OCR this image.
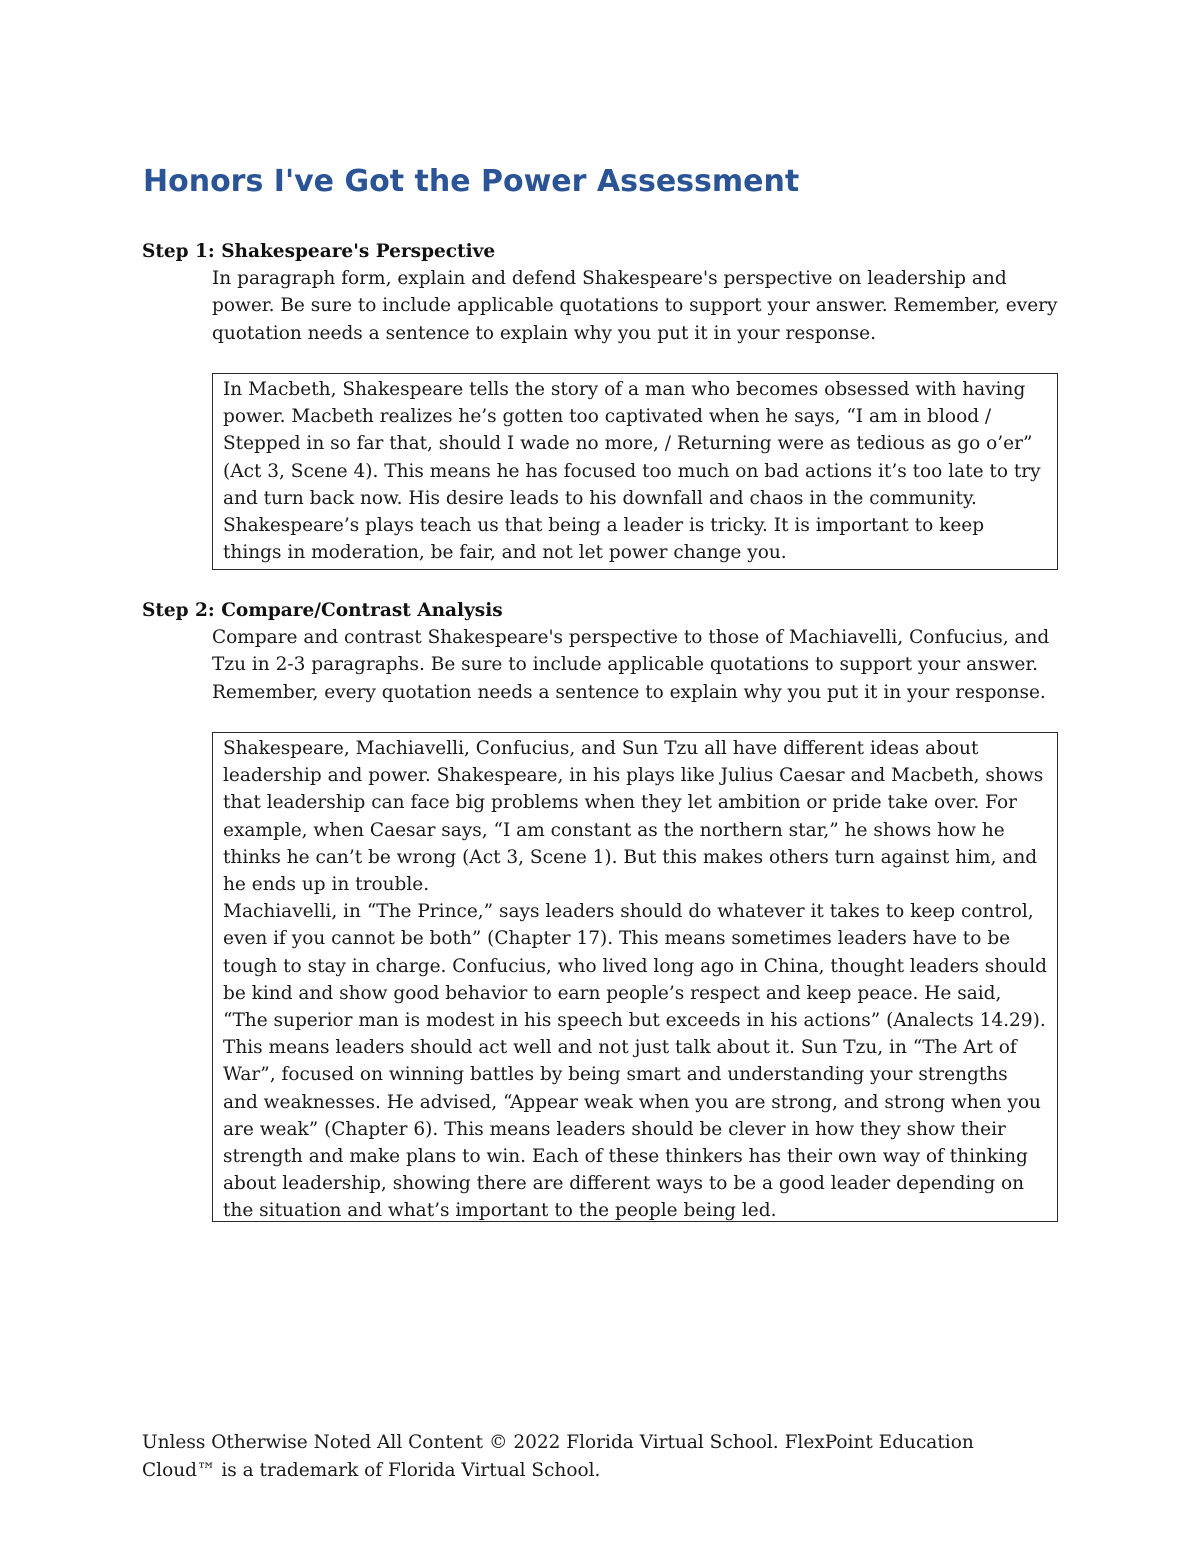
Honors I've Got the Power Assessment
Step 1: Shakespeare's Perspective

In paragraph form, explain and defend Shakespeare's perspective on leadership and power. Be sure to include applicable quotations to support your answer. Remember, every quotation needs a sentence to explain why you put it in your response.

In Macbeth, Shakespeare tells the story of a man who becomes obsessed with having power. Macbeth realizes he’s gotten too captivated when he says, “I am in blood / Stepped in so far that, should I wade no more, / Returning were as tedious as go o’er” (Act 3, Scene 4). This means he has focused too much on bad actions it’s too late to try and turn back now. His desire leads to his downfall and chaos in the community. Shakespeare’s plays teach us that being a leader is tricky. It is important to keep things in moderation, be fair, and not let power change you.

Step 2: Compare/Contrast Analysis

Compare and contrast Shakespeare's perspective to those of Machiavelli, Confucius, and Tzu in 2-3 paragraphs. Be sure to include applicable quotations to support your answer. Remember, every quotation needs a sentence to explain why you put it in your response.

Shakespeare, Machiavelli, Confucius, and Sun Tzu all have different ideas about leadership and power. Shakespeare, in his plays like Julius Caesar and Macbeth, shows that leadership can face big problems when they let ambition or pride take over. For example, when Caesar says, “I am constant as the northern star,” he shows how he thinks he can’t be wrong (Act 3, Scene 1). But this makes others turn against him, and he ends up in trouble.

Machiavelli, in “The Prince,” says leaders should do whatever it takes to keep control, even if you cannot be both” (Chapter 17). This means sometimes leaders have to be tough to stay in charge. Confucius, who lived long ago in China, thought leaders should be kind and show good behavior to earn people’s respect and keep peace. He said, “The superior man is modest in his speech but exceeds in his actions” (Analects 14.29). This means leaders should act well and not just talk about it. Sun Tzu, in “The Art of War”, focused on winning battles by being smart and understanding your strengths and weaknesses. He advised, “Appear weak when you are strong, and strong when you are weak” (Chapter 6). This means leaders should be clever in how they show their strength and make plans to win. Each of these thinkers has their own way of thinking about leadership, showing there are different ways to be a good leader depending on the situation and what’s important to the people being led.

Unless Otherwise Noted All Content © 2022 Florida Virtual School. FlexPoint Education Cloud™ is a trademark of Florida Virtual School.
